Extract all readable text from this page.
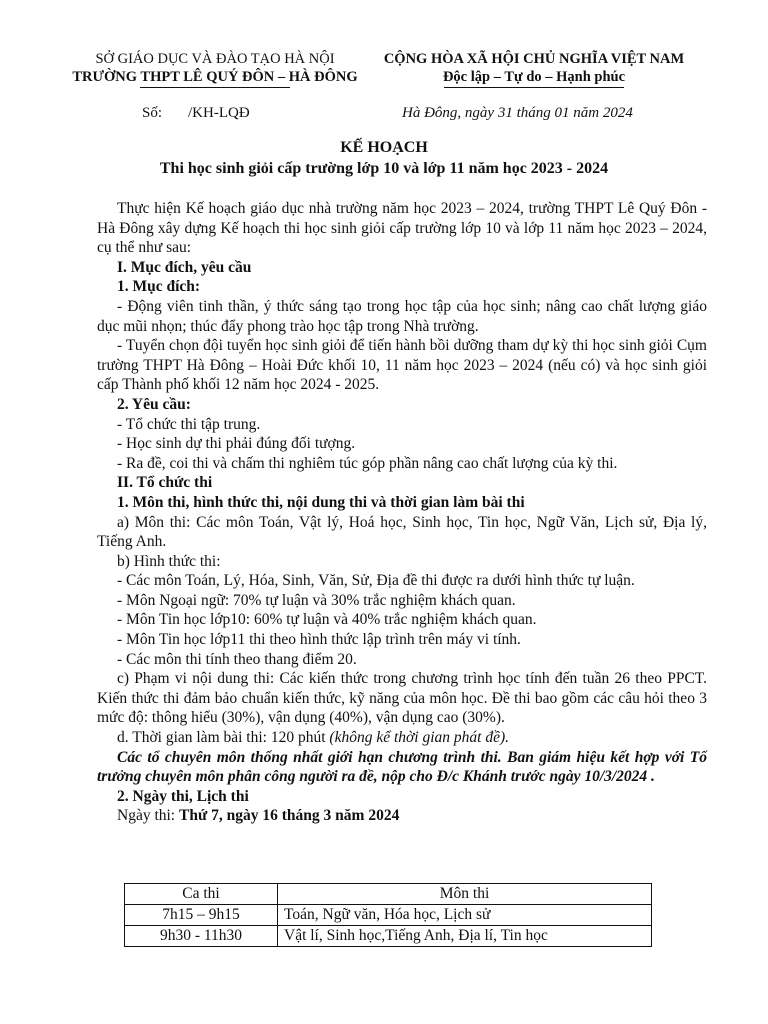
SỞ GIÁO DỤC VÀ ĐÀO TẠO HÀ NỘI
TRƯỜNG THPT LÊ QUÝ ĐÔN – HÀ ĐÔNG
CỘNG HÒA XÃ HỘI CHỦ NGHĨA VIỆT NAM
Độc lập – Tự do – Hạnh phúc
Số: /KH-LQĐ	Hà Đông, ngày 31 tháng 01 năm 2024
KẾ HOẠCH
Thi học sinh giỏi cấp trường lớp 10 và lớp 11 năm học 2023 - 2024

Thực hiện Kế hoạch giáo dục nhà trường năm học 2023 – 2024, trường THPT Lê Quý Đôn - Hà Đông xây dựng Kế hoạch thi học sinh giỏi cấp trường lớp 10 và lớp 11 năm học 2023 – 2024, cụ thể như sau:

I. Mục đích, yêu cầu

1. Mục đích:

- Động viên tinh thần, ý thức sáng tạo trong học tập của học sinh; nâng cao chất lượng giáo dục mũi nhọn; thúc đẩy phong trào học tập trong Nhà trường.

- Tuyển chọn đội tuyển học sinh giỏi để tiến hành bồi dưỡng tham dự kỳ thi học sinh giỏi Cụm trường THPT Hà Đông – Hoài Đức khối 10, 11 năm học 2023 – 2024 (nếu có) và học sinh giỏi cấp Thành phố khối 12 năm học 2024 - 2025.

2. Yêu cầu:

- Tổ chức thi tập trung.

- Học sinh dự thi phải đúng đối tượng.

- Ra đề, coi thi và chấm thi nghiêm túc góp phần nâng cao chất lượng của kỳ thi.

II. Tổ chức thi

1. Môn thi, hình thức thi, nội dung thi và thời gian làm bài thi

a) Môn thi: Các môn Toán, Vật lý, Hoá học, Sinh học, Tin học, Ngữ Văn, Lịch sử, Địa lý, Tiếng Anh.

b) Hình thức thi:

- Các môn Toán, Lý, Hóa, Sinh, Văn, Sử, Địa đề thi được ra dưới hình thức tự luận.

- Môn Ngoại ngữ: 70% tự luận và 30% trắc nghiệm khách quan.

- Môn Tin học lớp10: 60% tự luận và 40% trắc nghiệm khách quan.

- Môn Tin học lớp11 thi theo hình thức lập trình trên máy vi tính.

- Các môn thi tính theo thang điểm 20.

c) Phạm vi nội dung thi: Các kiến thức trong chương trình học tính đến tuần 26 theo PPCT. Kiến thức thi đảm bảo chuẩn kiến thức, kỹ năng của môn học. Đề thi bao gồm các câu hỏi theo 3 mức độ: thông hiểu (30%), vận dụng (40%), vận dụng cao (30%).

d. Thời gian làm bài thi: 120 phút (không kể thời gian phát đề).

Các tổ chuyên môn thống nhất giới hạn chương trình thi. Ban giám hiệu kết hợp với Tổ trưởng chuyên môn phân công người ra đề, nộp cho Đ/c Khánh trước ngày 10/3/2024 .

2. Ngày thi, Lịch thi

Ngày thi: Thứ 7, ngày 16 tháng 3 năm 2024

Ca thi	Môn thi
7h15 – 9h15	Toán, Ngữ văn, Hóa học, Lịch sử
9h30 - 11h30	Vật lí, Sinh học,Tiếng Anh, Địa lí, Tin học
